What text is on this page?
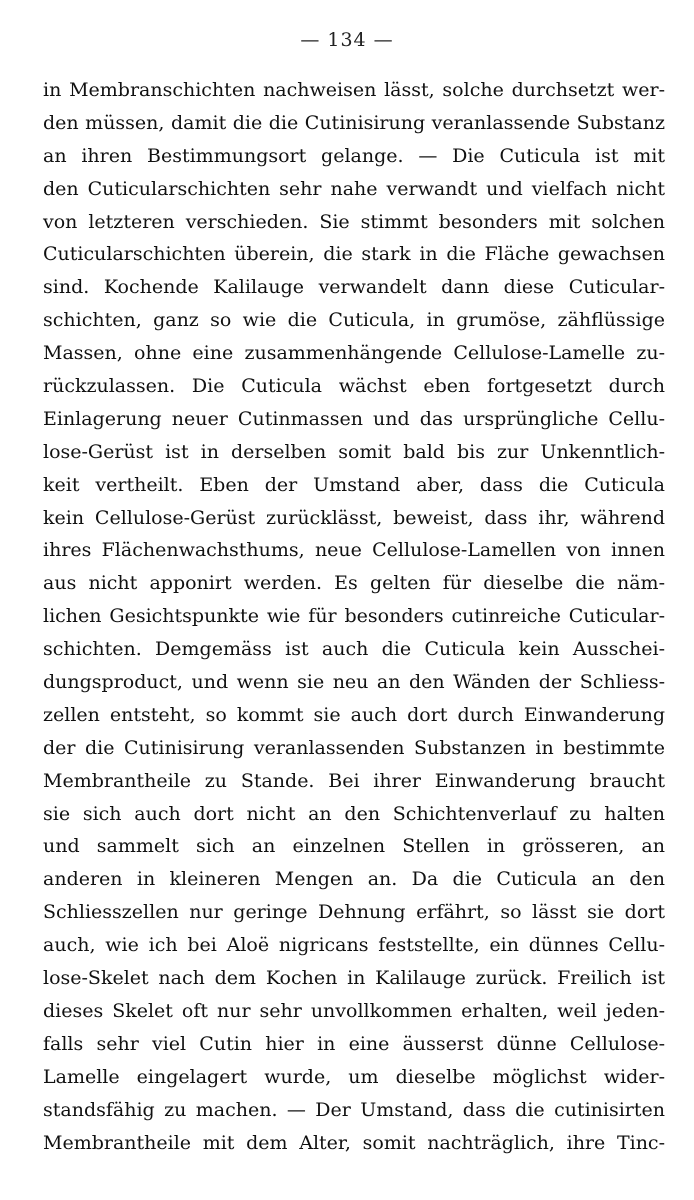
— 134 —
in Membranschichten nachweisen lässt, solche durchsetzt wer-
den müssen, damit die die Cutinisirung veranlassende Substanz
an ihren Bestimmungsort gelange. — Die Cuticula ist mit
den Cuticularschichten sehr nahe verwandt und vielfach nicht
von letzteren verschieden. Sie stimmt besonders mit solchen
Cuticularschichten überein, die stark in die Fläche gewachsen
sind. Kochende Kalilauge verwandelt dann diese Cuticular-
schichten, ganz so wie die Cuticula, in grumöse, zähflüssige
Massen, ohne eine zusammenhängende Cellulose-Lamelle zu-
rückzulassen. Die Cuticula wächst eben fortgesetzt durch
Einlagerung neuer Cutinmassen und das ursprüngliche Cellu-
lose-Gerüst ist in derselben somit bald bis zur Unkenntlich-
keit vertheilt. Eben der Umstand aber, dass die Cuticula
kein Cellulose-Gerüst zurücklässt, beweist, dass ihr, während
ihres Flächenwachsthums, neue Cellulose-Lamellen von innen
aus nicht apponirt werden. Es gelten für dieselbe die näm-
lichen Gesichtspunkte wie für besonders cutinreiche Cuticular-
schichten. Demgemäss ist auch die Cuticula kein Ausschei-
dungsproduct, und wenn sie neu an den Wänden der Schliess-
zellen entsteht, so kommt sie auch dort durch Einwanderung
der die Cutinisirung veranlassenden Substanzen in bestimmte
Membrantheile zu Stande. Bei ihrer Einwanderung braucht
sie sich auch dort nicht an den Schichtenverlauf zu halten
und sammelt sich an einzelnen Stellen in grösseren, an
anderen in kleineren Mengen an. Da die Cuticula an den
Schliesszellen nur geringe Dehnung erfährt, so lässt sie dort
auch, wie ich bei Aloë nigricans feststellte, ein dünnes Cellu-
lose-Skelet nach dem Kochen in Kalilauge zurück. Freilich ist
dieses Skelet oft nur sehr unvollkommen erhalten, weil jeden-
falls sehr viel Cutin hier in eine äusserst dünne Cellulose-
Lamelle eingelagert wurde, um dieselbe möglichst wider-
standsfähig zu machen. — Der Umstand, dass die cutinisirten
Membrantheile mit dem Alter, somit nachträglich, ihre Tinc-
